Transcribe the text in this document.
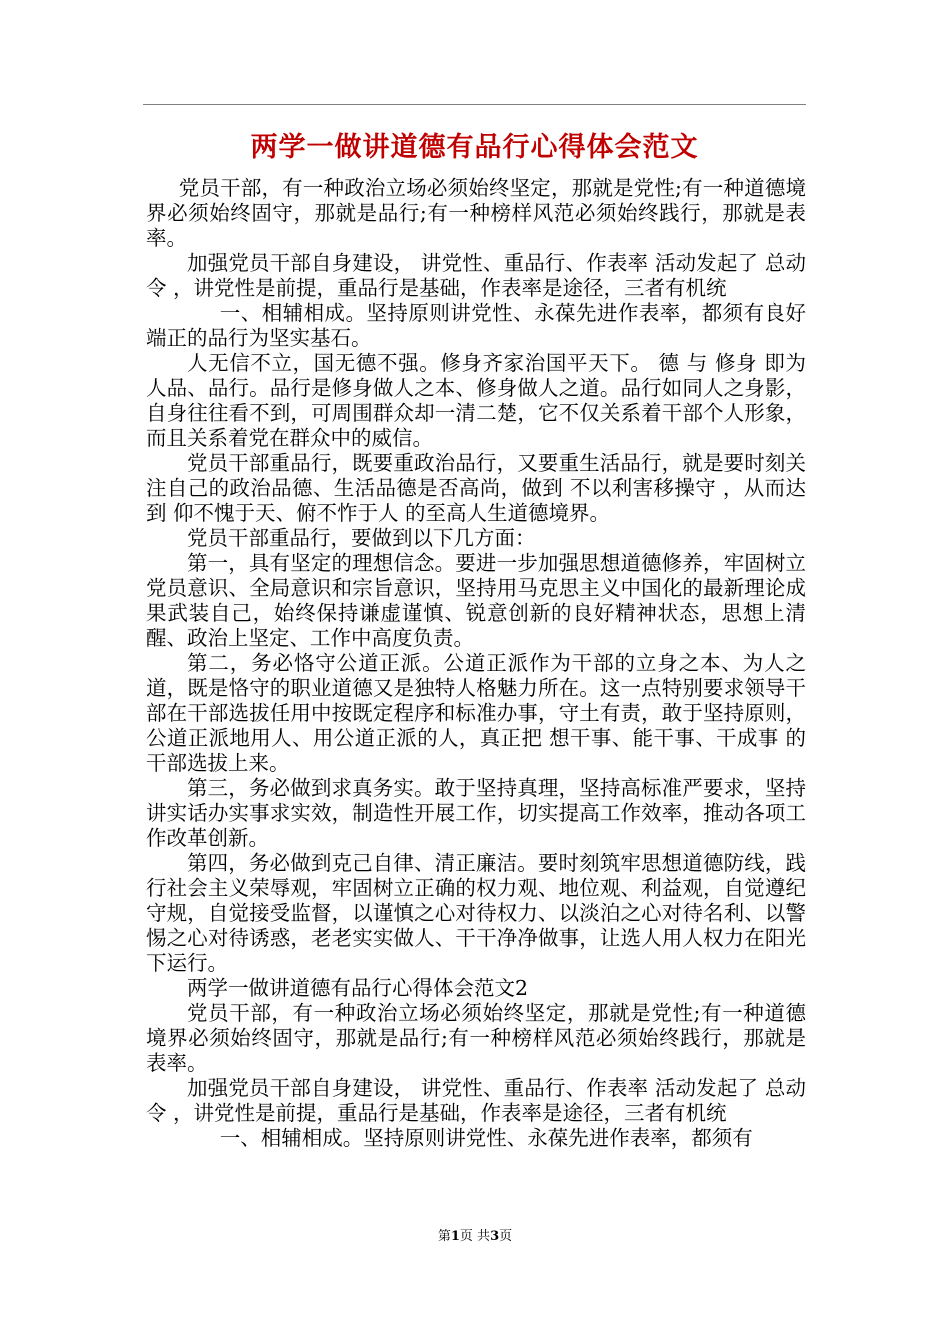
两学一做讲道德有品行心得体会范文

党员干部，有一种政治立场必须始终坚定，那就是党性;有一种道德境界必须始终固守，那就是品行;有一种榜样风范必须始终践行，那就是表率。

加强党员干部自身建设， 讲党性、重品行、作表率 活动发起了 总动令 ，讲党性是前提，重品行是基础，作表率是途径，三者有机统

一、相辅相成。坚持原则讲党性、永葆先进作表率，都须有良好端正的品行为坚实基石。

人无信不立，国无德不强。修身齐家治国平天下。 德 与 修身 即为人品、品行。品行是修身做人之本、修身做人之道。品行如同人之身影，自身往往看不到，可周围群众却一清二楚，它不仅关系着干部个人形象，而且关系着党在群众中的威信。

党员干部重品行，既要重政治品行，又要重生活品行，就是要时刻关注自己的政治品德、生活品德是否高尚，做到 不以利害移操守 ，从而达到 仰不愧于天、俯不怍于人 的至高人生道德境界。

党员干部重品行，要做到以下几方面：

第一，具有坚定的理想信念。要进一步加强思想道德修养，牢固树立党员意识、全局意识和宗旨意识，坚持用马克思主义中国化的最新理论成果武装自己，始终保持谦虚谨慎、锐意创新的良好精神状态，思想上清醒、政治上坚定、工作中高度负责。

第二，务必恪守公道正派。公道正派作为干部的立身之本、为人之道，既是恪守的职业道德又是独特人格魅力所在。这一点特别要求领导干部在干部选拔任用中按既定程序和标准办事，守土有责，敢于坚持原则，公道正派地用人、用公道正派的人，真正把 想干事、能干事、干成事 的干部选拔上来。

第三，务必做到求真务实。敢于坚持真理，坚持高标准严要求，坚持讲实话办实事求实效，制造性开展工作，切实提高工作效率，推动各项工作改革创新。

第四，务必做到克己自律、清正廉洁。要时刻筑牢思想道德防线，践行社会主义荣辱观，牢固树立正确的权力观、地位观、利益观，自觉遵纪守规，自觉接受监督，以谨慎之心对待权力、以淡泊之心对待名利、以警惕之心对待诱惑，老老实实做人、干干净净做事，让选人用人权力在阳光下运行。

两学一做讲道德有品行心得体会范文2

党员干部，有一种政治立场必须始终坚定，那就是党性;有一种道德境界必须始终固守，那就是品行;有一种榜样风范必须始终践行，那就是表率。

加强党员干部自身建设， 讲党性、重品行、作表率 活动发起了 总动令 ，讲党性是前提，重品行是基础，作表率是途径，三者有机统

一、相辅相成。坚持原则讲党性、永葆先进作表率，都须有

第1页 共3页
